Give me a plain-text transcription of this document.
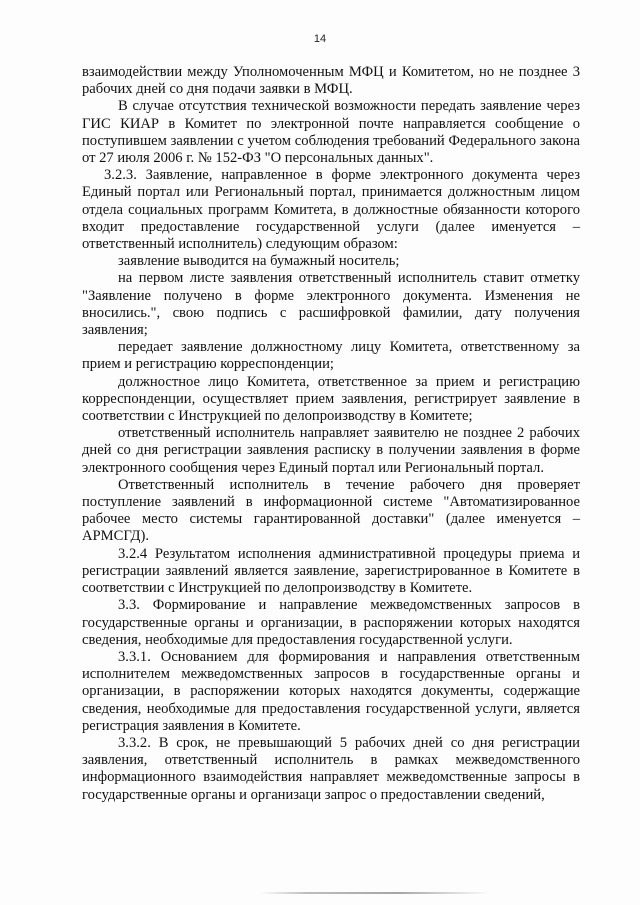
14

взаимодействии между Уполномоченным МФЦ и Комитетом, но не позднее 3 рабочих дней со дня подачи заявки в МФЦ.

В случае отсутствия технической возможности передать заявление через ГИС КИАР в Комитет по электронной почте направляется сообщение о поступившем заявлении с учетом соблюдения требований Федерального закона от 27 июля 2006 г. № 152-ФЗ "О персональных данных".

3.2.3. Заявление, направленное в форме электронного документа через Единый портал или Региональный портал, принимается должностным лицом отдела социальных программ Комитета, в должностные обязанности которого входит предоставление государственной услуги (далее именуется – ответственный исполнитель) следующим образом:

заявление выводится на бумажный носитель;

на первом листе заявления ответственный исполнитель ставит отметку "Заявление получено в форме электронного документа. Изменения не вносились.", свою подпись с расшифровкой фамилии, дату получения заявления;

передает заявление должностному лицу Комитета, ответственному за прием и регистрацию корреспонденции;

должностное лицо Комитета, ответственное за прием и регистрацию корреспонденции, осуществляет прием заявления, регистрирует заявление в соответствии с Инструкцией по делопроизводству в Комитете;

ответственный исполнитель направляет заявителю не позднее 2 рабочих дней со дня регистрации заявления расписку в получении заявления в форме электронного сообщения через Единый портал или Региональный портал.

Ответственный исполнитель в течение рабочего дня проверяет поступление заявлений в информационной системе "Автоматизированное рабочее место системы гарантированной доставки" (далее именуется – АРМСГД).

3.2.4 Результатом исполнения административной процедуры приема и регистрации заявлений является заявление, зарегистрированное в Комитете в соответствии с Инструкцией по делопроизводству в Комитете.

3.3. Формирование и направление межведомственных запросов в государственные органы и организации, в распоряжении которых находятся сведения, необходимые для предоставления государственной услуги.

3.3.1. Основанием для формирования и направления ответственным исполнителем межведомственных запросов в государственные органы и организации, в распоряжении которых находятся документы, содержащие сведения, необходимые для предоставления государственной услуги, является регистрация заявления в Комитете.

3.3.2. В срок, не превышающий 5 рабочих дней со дня регистрации заявления, ответственный исполнитель в рамках межведомственного информационного взаимодействия направляет межведомственные запросы в государственные органы и организаци запрос о предоставлении сведений,
